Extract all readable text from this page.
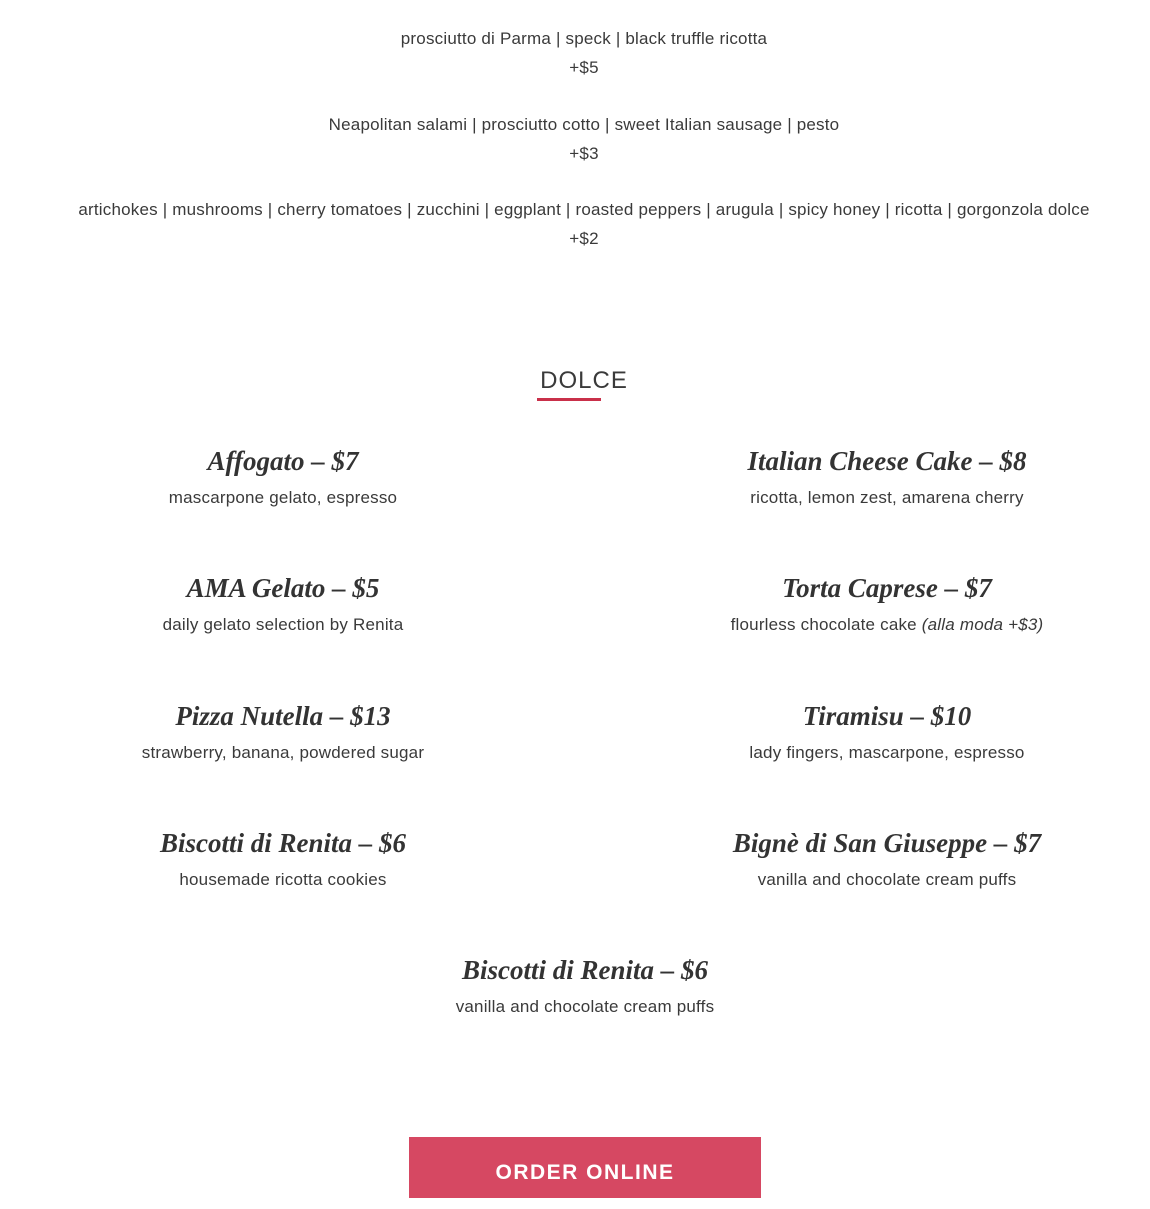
prosciutto di Parma | speck | black truffle ricotta
+$5
Neapolitan salami | prosciutto cotto | sweet Italian sausage | pesto
+$3
artichokes | mushrooms | cherry tomatoes | zucchini | eggplant | roasted peppers | arugula | spicy honey | ricotta | gorgonzola dolce
+$2
DOLCE
Affogato – $7
mascarpone gelato, espresso
Italian Cheese Cake – $8
ricotta, lemon zest, amarena cherry
AMA Gelato – $5
daily gelato selection by Renita
Torta Caprese – $7
flourless chocolate cake (alla moda +$3)
Pizza Nutella – $13
strawberry, banana, powdered sugar
Tiramisu – $10
lady fingers, mascarpone, espresso
Biscotti di Renita – $6
housemade ricotta cookies
Bignè di San Giuseppe – $7
vanilla and chocolate cream puffs
Biscotti di Renita – $6
vanilla and chocolate cream puffs
ORDER ONLINE
